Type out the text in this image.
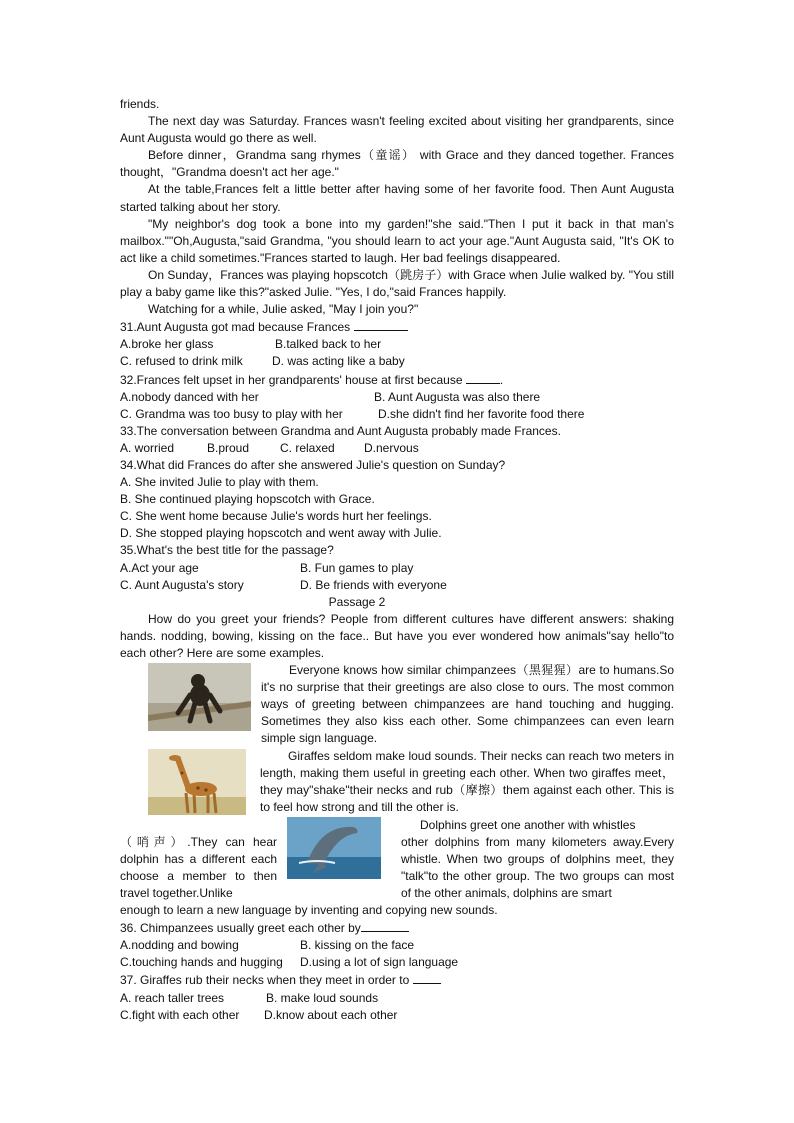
friends.

The next day was Saturday. Frances wasn't feeling excited about visiting her grandparents, since Aunt Augusta would go there as well.

Before dinner，Grandma sang rhymes（童谣） with Grace and they danced together. Frances thought，"Grandma doesn't act her age."

At the table,Frances felt a little better after having some of her favorite food. Then Aunt Augusta started talking about her story.

"My neighbor's dog took a bone into my garden!"she said."Then I put it back in that man's mailbox.""Oh,Augusta,"said Grandma, "you should learn to act your age."Aunt Augusta said, "It's OK to act like a child sometimes."Frances started to laugh. Her bad feelings disappeared.

On Sunday，Frances was playing hopscotch（跳房子）with Grace when Julie walked by. "You still play a baby game like this?"asked Julie. "Yes, I do,"said Frances happily.

Watching for a while, Julie asked, "May I join you?"

31.Aunt Augusta got mad because Frances

A.broke her glass	B.talked back to her
C. refused to drink milk	D. was acting like a baby

32.Frances felt upset in her grandparents' house at first because	.

A.nobody danced with her	B. Aunt Augusta was also there
C. Grandma was too busy to play with her	D.she didn't find her favorite food there

33.The conversation between Grandma and Aunt Augusta probably made Frances.

A. worried	B.proud	C. relaxed	D.nervous

34.What did Frances do after she answered Julie's question on Sunday?

A. She invited Julie to play with them.

B. She continued playing hopscotch with Grace.

C. She went home because Julie's words hurt her feelings.

D. She stopped playing hopscotch and went away with Julie.

35.What's the best title for the passage?

A.Act your age	B. Fun games to play
C. Aunt Augusta's story	D. Be friends with everyone

Passage 2

How do you greet your friends? People from different cultures have different answers: shaking hands. nodding, bowing, kissing on the face.. But have you ever wondered how animals"say hello"to each other? Here are some examples.

Everyone knows how similar chimpanzees（黑猩猩）are to humans.So it's no surprise that their greetings are also close to ours. The most common ways of greeting between chimpanzees are hand touching and hugging. Sometimes they also kiss each other. Some chimpanzees can even learn simple sign language.

Giraffes seldom make loud sounds. Their necks can reach two meters in length, making them useful in greeting each other. When two giraffes meet， they may"shake"their necks and rub（摩擦）them against each other. This is to feel how strong and till the other is.

Dolphins greet one another with whistles

（哨声）.They can hear dolphin has a different each choose a member to then travel together.Unlike

other dolphins from many kilometers away.Every whistle. When two groups of dolphins meet, they "talk"to the other group. The two groups can most of the other animals, dolphins are smart

enough to learn a new language by inventing and copying new sounds.

36. Chimpanzees usually greet each other by

A.nodding and bowing	B. kissing on the face
C.touching hands and hugging	D.using a lot of sign language

37. Giraffes rub their necks when they meet in order to

A. reach taller trees	B. make loud sounds
C.fight with each other	D.know about each other
